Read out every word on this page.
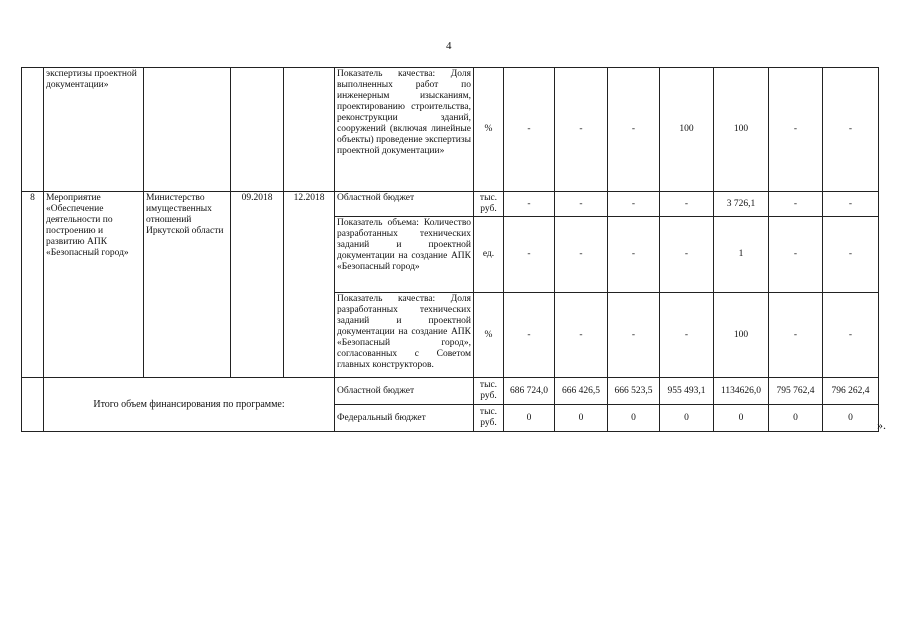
4
	экспертизы проектной документации»				Показатель качества: Доля выполненных работ по инженерным изысканиям, проектированию строительства, реконструкции зданий, сооружений (включая линейные объекты) проведение экспертизы проектной документации»	%	-	-	-	100	100	-	-
8	Мероприятие «Обеспечение деятельности по построению и развитию АПК «Безопасный город»	Министерство имущественных отношений Иркутской области	09.2018	12.2018	Областной бюджет	тыс. руб.	-	-	-	-	3 726,1	-	-
					Показатель объема: Количество разработанных технических заданий и проектной документации на создание АПК «Безопасный город»	ед.	-	-	-	-	1	-	-
					Показатель качества: Доля разработанных технических заданий и проектной документации на создание АПК «Безопасный город», согласованных с Советом главных конструкторов.	%	-	-	-	-	100	-	-
	Итого объем финансирования по программе:				Областной бюджет	тыс. руб.	686 724,0	666 426,5	666 523,5	955 493,1	1134626,0	795 762,4	796 262,4
					Федеральный бюджет	тыс. руб.	0	0	0	0	0	0	0
».
